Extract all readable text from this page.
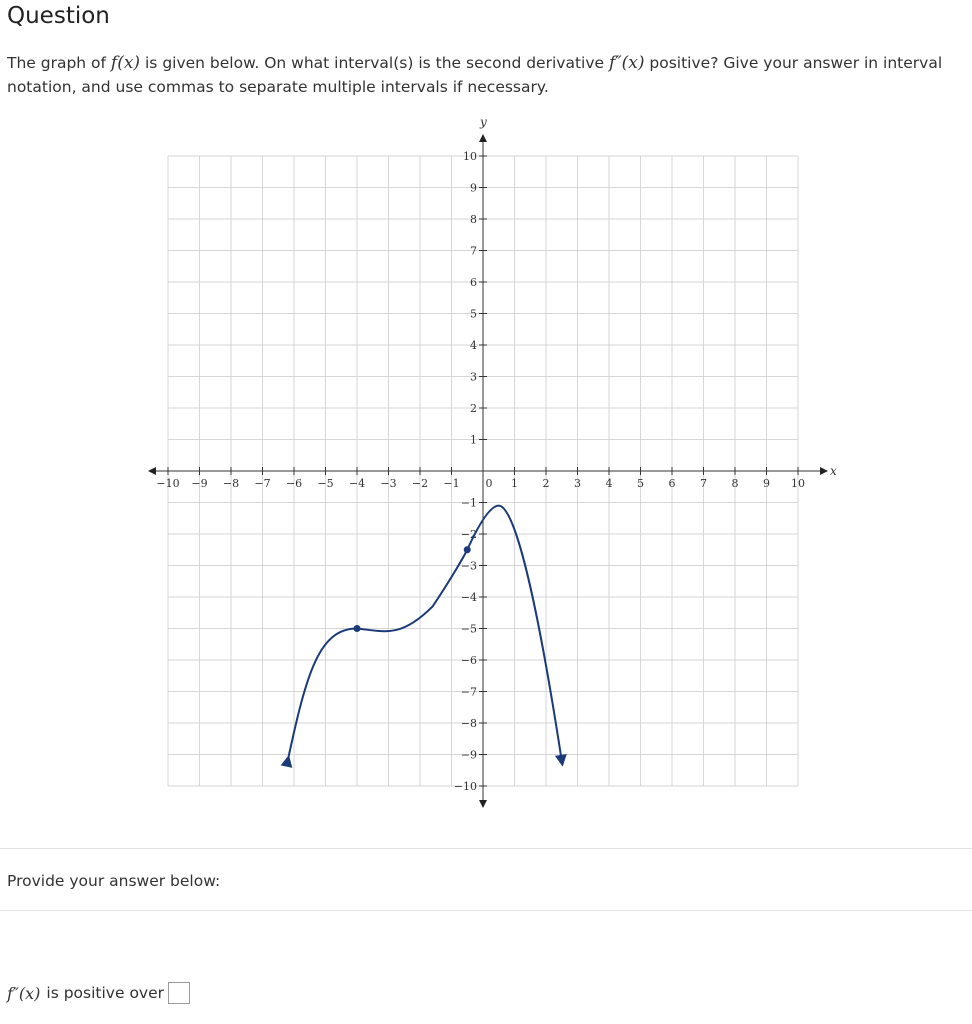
Question
The graph of f(x) is given below. On what interval(s) is the second derivative f″(x) positive? Give your answer in interval notation, and use commas to separate multiple intervals if necessary.
−10 −9 −8 −7 −6 −5 −4 −3 −2 −1 0 1 2 3 4 5 6 7 8 9 10
10
9
8
7
6
5
4
3
2
1
−1
−2
−3
−4
−5
−6
−7
−8
−9
−10
x
y
Provide your answer below:
f″(x) is positive over
